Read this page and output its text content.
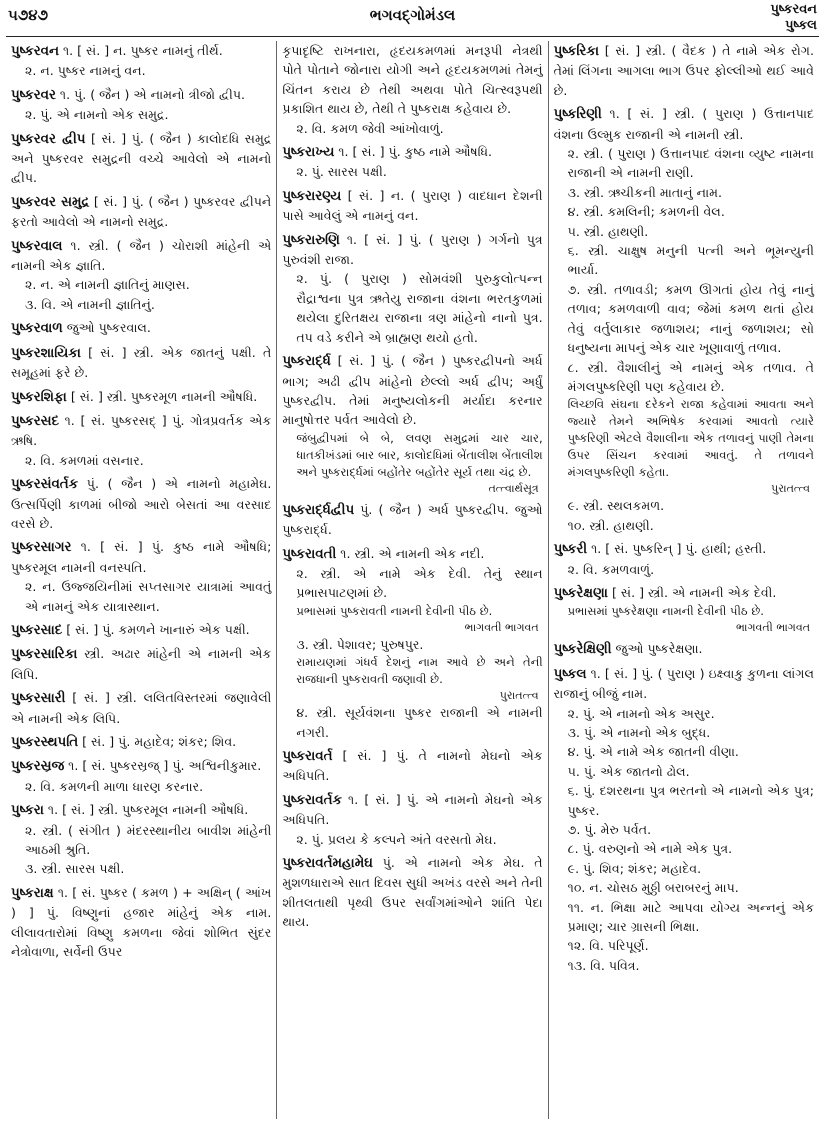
૫૭૪૭	ભગવદ્ગોમંડલ	પુષ્કરવન
પુષ્કલ
પુષ્કરવન ૧. [ સં. ] ન. પુષ્કર નામનું તીર્થ.
૨. ન. પુષ્કર નામનું વન.
પુષ્કરવર ૧. પું. ( જૈન ) એ નામનો ત્રીજો દ્વીપ.
૨. પું. એ નામનો એક સમુદ્ર.
પુષ્કરવર દ્વીપ [ સં. ] પું. ( જૈન ) કાલોદધિ સમુદ્ર અને પુષ્કરવર સમુદ્રની વચ્ચે આવેલો એ નામનો દ્વીપ.
પુષ્કરવર સમુદ્ર [ સં. ] પું. ( જૈન ) પુષ્કરવર દ્વીપને ફરતો આવેલો એ નામનો સમુદ્ર.
પુષ્કરવાલ ૧. સ્ત્રી. ( જૈન ) ચોરાશી માંહેની એ નામની એક જ્ઞાતિ.
૨. ન. એ નામની જ્ઞાતિનું માણસ.
૩. વિ. એ નામની જ્ઞાતિનું.
પુષ્કરવાળ જુઓ પુષ્કરવાલ.
પુષ્કરશાયિકા [ સં. ] સ્ત્રી. એક જાતનું પક્ષી. તે સમૂહમાં ફરે છે.
પુષ્કરશિફા [ સં. ] સ્ત્રી. પુષ્કરમૂળ નામની ઔષધિ.
પુષ્કરસદ ૧. [ સં. પુષ્કરસદ્ ] પું. ગોત્રપ્રવર્તક એક ઋષિ.
૨. વિ. કમળમાં વસનાર.
પુષ્કરસંવર્તક પું. ( જૈન ) એ નામનો મહામેઘ. ઉત્સર્પિણી કાળમાં બીજો આરો બેસતાં આ વરસાદ વરસે છે.
પુષ્કરસાગર ૧. [ સં. ] પું. કુષ્ઠ નામે ઔષધિ; પુષ્કરમૂલ નામની વનસ્પતિ.
૨. ન. ઉજ્જયિનીમાં સપ્તસાગર યાત્રામાં આવતું એ નામનું એક યાત્રાસ્થાન.
પુષ્કરસાદ [ સં. ] પું. કમળને ખાનારું એક પક્ષી.
પુષ્કરસારિકા સ્ત્રી. અઢાર માંહેની એ નામની એક લિપિ.
પુષ્કરસારી [ સં. ] સ્ત્રી. લલિતવિસ્તરમાં જણાવેલી એ નામની એક લિપિ.
પુષ્કરસ્થપતિ [ સં. ] પું. મહાદેવ; શંકર; શિવ.
પુષ્કરસ્રજ ૧. [ સં. પુષ્કરસ્રજ્ ] પું. અશ્વિનીકુમાર.
૨. વિ. કમળની માળા ધારણ કરનાર.
પુષ્કરા ૧. [ સં. ] સ્ત્રી. પુષ્કરમૂલ નામની ઔષધિ.
૨. સ્ત્રી. ( સંગીત ) મંદરસ્થાનીય બાવીશ માંહેની આઠમી શ્રુતિ.
૩. સ્ત્રી. સારસ પક્ષી.
પુષ્કરાક્ષ ૧. [ સં. પુષ્કર ( કમળ ) + અક્ષિન્ ( આંખ ) ] પું. વિષ્ણુનાં હજાર માંહેનું એક નામ. લીલાવતારોમાં વિષ્ણુ કમળના જેવાં શોભિત સુંદર નેત્રોવાળા, સર્વેની ઉપર
કૃપાદૃષ્ટિ રાખનારા, હૃદયકમળમાં મનરૂપી નેત્રથી પોતે પોતાને જોનારા યોગી અને હૃદયકમળમાં તેમનું ચિંતન કરાય છે તેથી અથવા પોતે ચિત્સ્વરૂપથી પ્રકાશિત થાય છે, તેથી તે પુષ્કરાક્ષ કહેવાય છે.
૨. વિ. કમળ જેવી આંખોવાળું.
પુષ્કરાખ્ય ૧. [ સં. ] પું. કુષ્ઠ નામે ઔષધિ.
૨. પું. સારસ પક્ષી.
પુષ્કરારણ્ય [ સં. ] ન. ( પુરાણ ) વાદધાન દેશની પાસે આવેલું એ નામનું વન.
પુષ્કરારુણિ ૧. [ સં. ] પું. ( પુરાણ ) ગર્ગનો પુત્ર પુરુવંશી રાજા.
૨. પું. ( પુરાણ ) સોમવંશી પુરુકુલોત્પન્ન રૌદ્રાશ્વના પુત્ર ઋતેયુ રાજાના વંશના ભરતકુળમાં થયેલા દુરિતક્ષય રાજાના ત્રણ માંહેનો નાનો પુત્ર. તપ વડે કરીને એ બ્રાહ્મણ થયો હતો.
પુષ્કરાર્દ્ધ [ સં. ] પું. ( જૈન ) પુષ્કરદ્વીપનો અર્ધ ભાગ; અઢી દ્વીપ માંહેનો છેલ્લો અર્ધ દ્વીપ; અર્ધું પુષ્કરદ્વીપ. તેમાં મનુષ્યલોકની મર્યાદા કરનાર માનુષોત્તર પર્વત આવેલો છે.
જંબુદ્વીપમાં બે બે, લવણ સમુદ્રમાં ચાર ચાર, ધાતકીખંડમાં બાર બાર, કાલોદધિમાં બેંતાલીશ બેંતાલીશ અને પુષ્કરાર્દ્ધમાં બહોંતેર બહોંતેર સૂર્ય તથા ચંદ્ર છે.
તત્ત્વાર્થસૂત્ર
પુષ્કરાર્દ્ધદ્વીપ પું. ( જૈન ) અર્ધ પુષ્કરદ્વીપ. જુઓ પુષ્કરાર્દ્ધ.
પુષ્કરાવતી ૧. સ્ત્રી. એ નામની એક નદી.
૨. સ્ત્રી. એ નામે એક દેવી. તેનું સ્થાન પ્રભાસપાટણમાં છે.
પ્રભાસમાં પુષ્કરાવતી નામની દેવીની પીઠ છે.
ભાગવતી ભાગવત
૩. સ્ત્રી. પેશાવર; પુરુષપુર.
રામાયણમાં ગંધર્વ દેશનું નામ આવે છે અને તેની રાજધાની પુષ્કરાવતી જણાવી છે.
પુરાતત્ત્વ
૪. સ્ત્રી. સૂર્યવંશના પુષ્કર રાજાની એ નામની નગરી.
પુષ્કરાવર્ત [ સં. ] પું. તે નામનો મેઘનો એક અધિપતિ.
પુષ્કરાવર્તક ૧. [ સં. ] પું. એ નામનો મેઘનો એક અધિપતિ.
૨. પું. પ્રલય કે કલ્પને અંતે વરસતો મેઘ.
પુષ્કરાવર્તમહામેઘ પું. એ નામનો એક મેઘ. તે મુશળધારાએ સાત દિવસ સુધી અખંડ વરસે અને તેની શીતલતાથી પૃથ્વી ઉપર સર્વાંગમાંઓને શાંતિ પેદા થાય.
પુષ્કરિકા [ સં. ] સ્ત્રી. ( વૈદક ) તે નામે એક રોગ. તેમાં લિંગના આગલા ભાગ ઉપર ફોલ્લીઓ થઈ આવે છે.
પુષ્કરિણી ૧. [ સં. ] સ્ત્રી. ( પુરાણ ) ઉત્તાનપાદ વંશના ઉલ્મુક રાજાની એ નામની સ્ત્રી.
૨. સ્ત્રી. ( પુરાણ ) ઉત્તાનપાદ વંશના વ્યુષ્ટ નામના રાજાની એ નામની રાણી.
૩. સ્ત્રી. ઋચીકની માતાનું નામ.
૪. સ્ત્રી. કમલિની; કમળની વેલ.
૫. સ્ત્રી. હાથણી.
૬. સ્ત્રી. ચાક્ષુષ મનુની પત્ની અને ભૂમન્યુની ભાર્યા.
૭. સ્ત્રી. તળાવડી; કમળ ઊગતાં હોય તેવું નાનું તળાવ; કમળવાળી વાવ; જેમાં કમળ થતાં હોય તેવું વર્તુલાકાર જળાશય; નાનું જળાશય; સો ધનુષ્યના માપનું એક ચાર ખૂણાવાળું તળાવ.
૮. સ્ત્રી. વૈશાલીનું એ નામનું એક તળાવ. તે મંગલપુષ્કરિણી પણ કહેવાય છે.
લિચ્છવિ સંઘના દરેકને રાજા કહેવામાં આવતા અને જ્યારે તેમને અભિષેક કરવામાં આવતો ત્યારે પુષ્કરિણી એટલે વૈશાલીના એક તળાવનું પાણી તેમના ઉપર સિંચન કરવામાં આવતું. તે તળાવને મંગલપુષ્કરિણી કહેતા.
પુરાતત્ત્વ
૯. સ્ત્રી. સ્થલકમળ.
૧૦. સ્ત્રી. હાથણી.
પુષ્કરી ૧. [ સં. પુષ્કરિન્ ] પું. હાથી; હસ્તી.
૨. વિ. કમળવાળું.
પુષ્કરેક્ષણા [ સં. ] સ્ત્રી. એ નામની એક દેવી.
પ્રભાસમાં પુષ્કરેક્ષણા નામની દેવીની પીઠ છે.
ભાગવતી ભાગવત
પુષ્કરેક્ષિણી જુઓ પુષ્કરેક્ષણા.
પુષ્કલ ૧. [ સં. ] પું. ( પુરાણ ) ઇક્ષ્વાકુ કુળના લાંગલ રાજાનું બીજું નામ.
૨. પું. એ નામનો એક અસુર.
૩. પું. એ નામનો એક બુદ્ધ.
૪. પું. એ નામે એક જાતની વીણા.
૫. પું. એક જાતનો ઢોલ.
૬. પું. દશરથના પુત્ર ભરતનો એ નામનો એક પુત્ર; પુષ્કર.
૭. પું. મેરુ પર્વત.
૮. પું. વરુણનો એ નામે એક પુત્ર.
૯. પું. શિવ; શંકર; મહાદેવ.
૧૦. ન. ચોસઠ મુઠ્ઠી બરાબરનું માપ.
૧૧. ન. ભિક્ષા માટે આપવા યોગ્ય અન્નનું એક પ્રમાણ; ચાર ગ્રાસની ભિક્ષા.
૧૨. વિ. પરિપૂર્ણ.
૧૩. વિ. પવિત્ર.
